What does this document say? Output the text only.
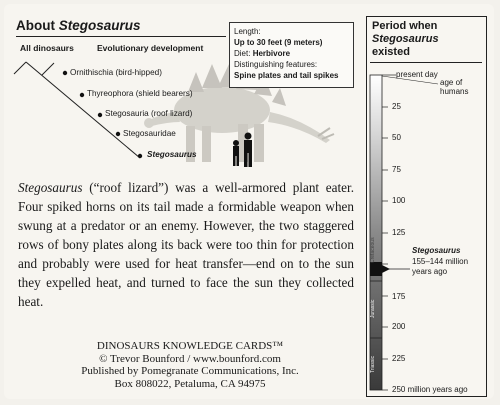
About Stegosaurus
All dinosaurs	Evolutionary development
Ornithischia (bird-hipped)
Thyreophora (shield bearers)
Stegosauria (roof lizard)
Stegosauridae
Stegosaurus
Length:
Up to 30 feet (9 meters)
Diet: Herbivore
Distinguishing features:
Spine plates and tail spikes
Stegosaurus (“roof lizard”) was a well-armored plant eater. Four spiked horns on its tail made a formidable weapon when swung at a predator or an enemy. However, the two staggered rows of bony plates along its back were too thin for protection and probably were used for heat transfer—end on to the sun they expelled heat, and turned to face the sun they collected heat.
DINOSAURS KNOWLEDGE CARDS™
© Trevor Bounford / www.bounford.com
Published by Pomegranate Communications, Inc.
Box 808022, Petaluma, CA 94975
Period when
Stegosaurus
existed
present day
age of humans
25
50
75
100
125
175
200
225
250 million years ago
Stegosaurus
155–144 million years ago
Cretaceous
Jurassic
Triassic
